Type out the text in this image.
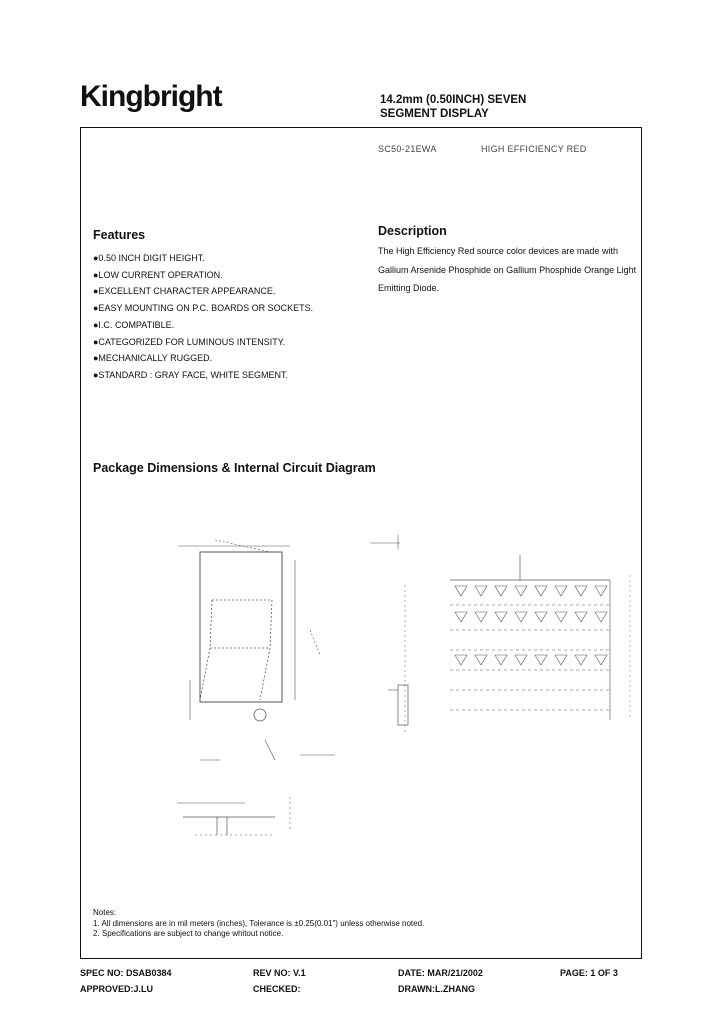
Kingbright	14.2mm (0.50INCH) SEVEN
SEGMENT DISPLAY
SC50-21EWA	HIGH EFFICIENCY RED
Features
●0.50 INCH DIGIT HEIGHT.
●LOW CURRENT OPERATION.
●EXCELLENT CHARACTER APPEARANCE.
●EASY MOUNTING ON P.C. BOARDS OR SOCKETS.
●I.C. COMPATIBLE.
●CATEGORIZED FOR LUMINOUS INTENSITY.
●MECHANICALLY RUGGED.
●STANDARD : GRAY FACE, WHITE SEGMENT.
Description
The High Efficiency Red source color devices are made with Gallium Arsenide Phosphide on Gallium Phosphide Orange Light Emitting Diode.
Package Dimensions & Internal Circuit Diagram
Notes:
1. All dimensions are in mil meters (inches), Tolerance is ±0.25(0.01") unless otherwise noted.
2. Specifications are subject to change whitout notice.
SPEC NO: DSAB0384	REV NO: V.1	DATE: MAR/21/2002	PAGE: 1 OF 3
APPROVED:J.LU	CHECKED:	DRAWN:L.ZHANG
